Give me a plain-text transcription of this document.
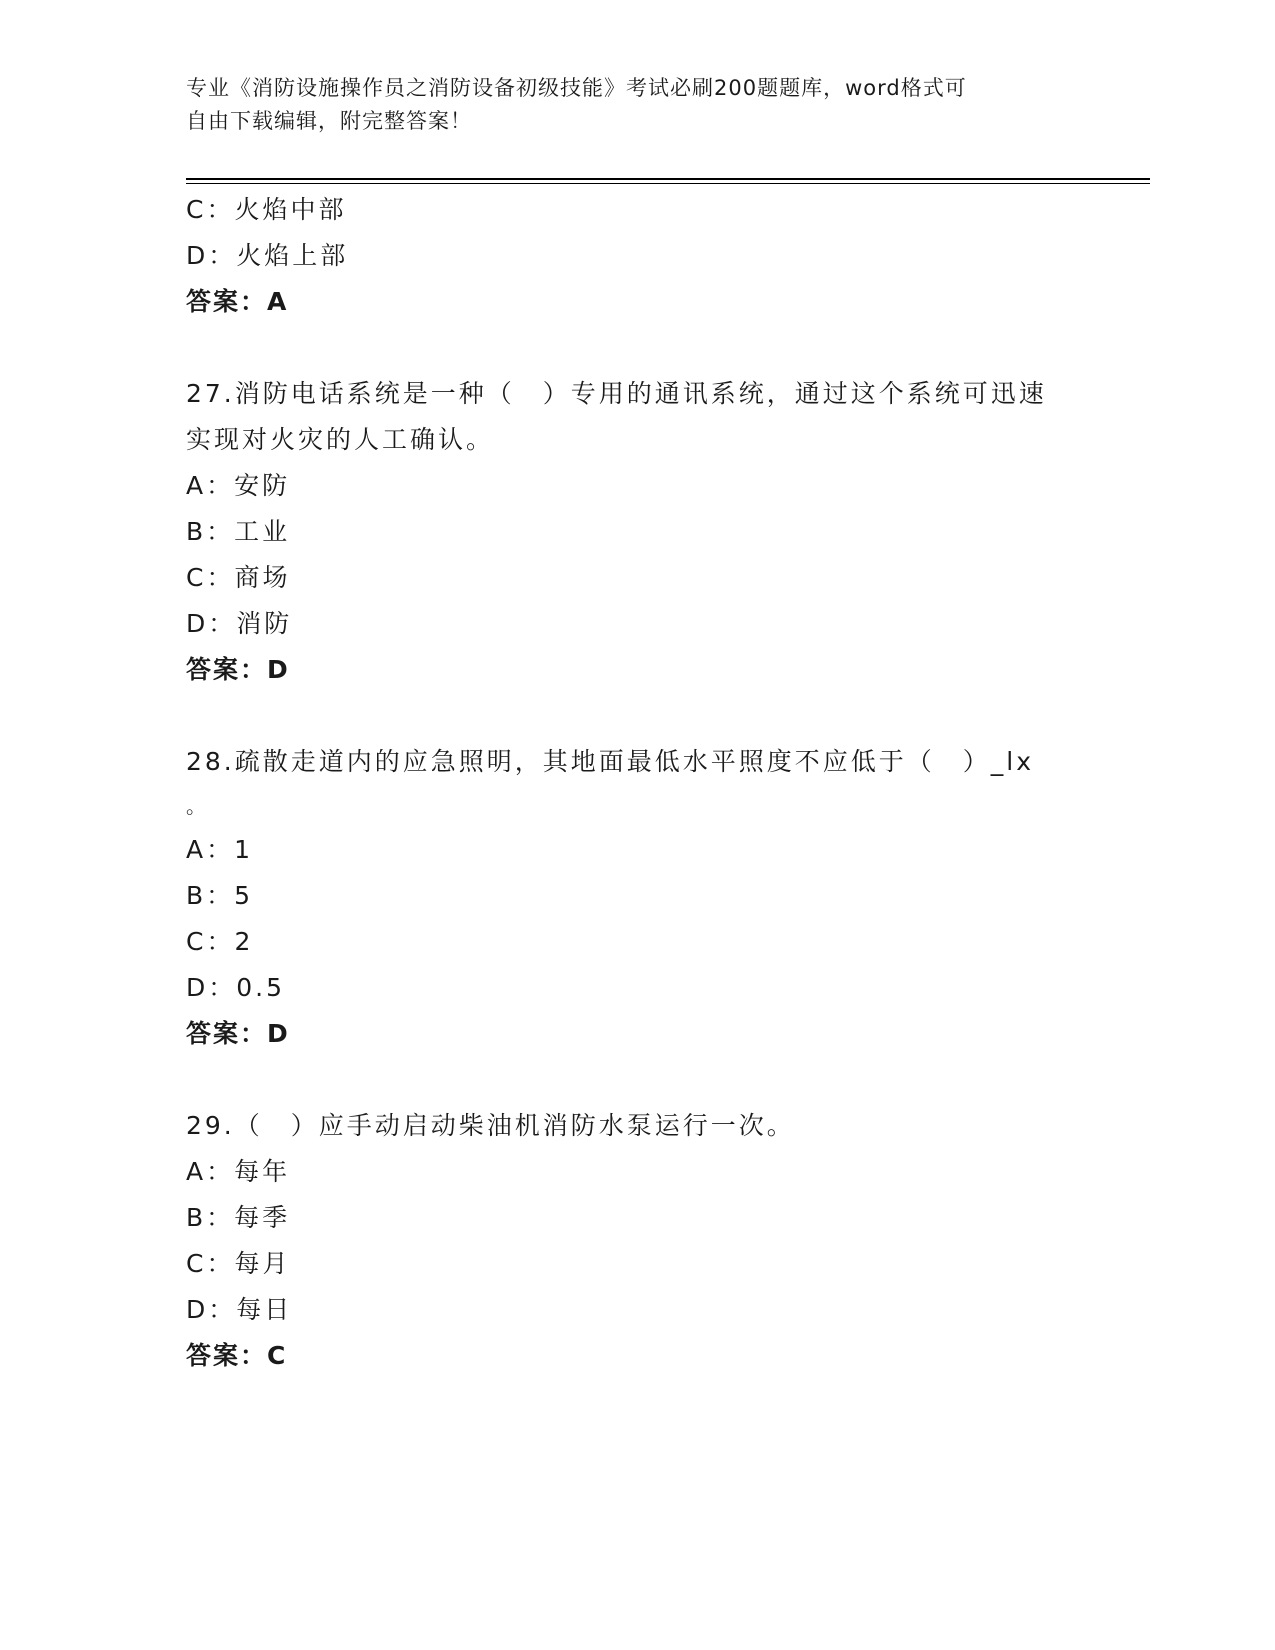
专业《消防设施操作员之消防设备初级技能》考试必刷200题题库，word格式可

自由下载编辑，附完整答案！

C：火焰中部
D：火焰上部
答案：A
27.消防电话系统是一种（　）专用的通讯系统，通过这个系统可迅速
实现对火灾的人工确认。
A：安防
B：工业
C：商场
D：消防
答案：D
28.疏散走道内的应急照明，其地面最低水平照度不应低于（　）_lx
。
A：1
B：5
C：2
D：0.5
答案：D
29.（　）应手动启动柴油机消防水泵运行一次。
A：每年
B：每季
C：每月
D：每日
答案：C
